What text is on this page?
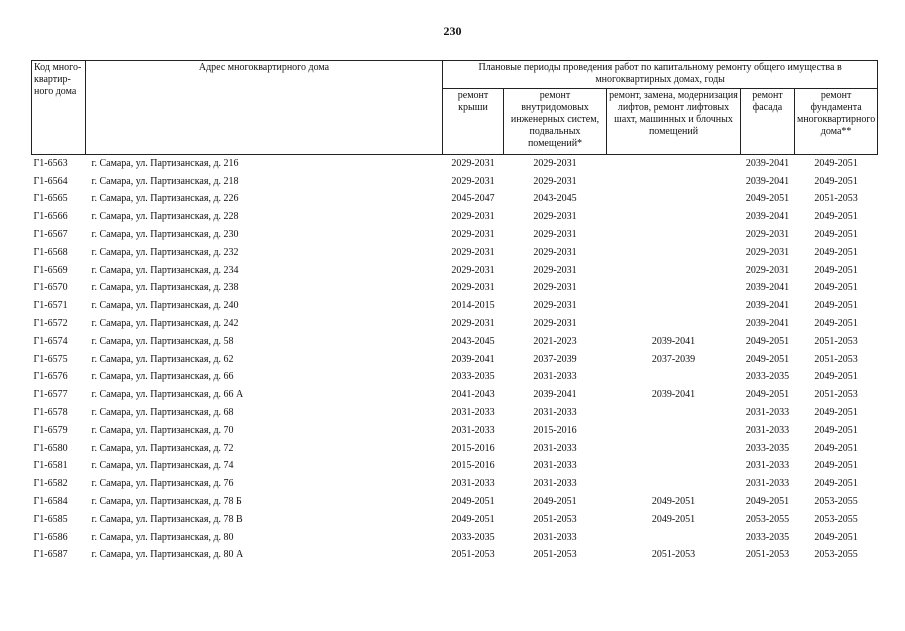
230
Код много-квартир-ного дома	Адрес многоквартирного дома	Плановые периоды проведения работ по капитальному ремонту общего имущества в многоквартирных домах, годы				
		ремонт крыши	ремонт внутридомовых инженерных систем, подвальных помещений*	ремонт, замена, модернизация лифтов, ремонт лифтовых шахт, машинных и блочных помещений	ремонт фасада	ремонт фундамента многоквартирного дома**
Г1-6563	г. Самара, ул. Партизанская, д. 216	2029-2031	2029-2031		2039-2041	2049-2051
Г1-6564	г. Самара, ул. Партизанская, д. 218	2029-2031	2029-2031		2039-2041	2049-2051
Г1-6565	г. Самара, ул. Партизанская, д. 226	2045-2047	2043-2045		2049-2051	2051-2053
Г1-6566	г. Самара, ул. Партизанская, д. 228	2029-2031	2029-2031		2039-2041	2049-2051
Г1-6567	г. Самара, ул. Партизанская, д. 230	2029-2031	2029-2031		2029-2031	2049-2051
Г1-6568	г. Самара, ул. Партизанская, д. 232	2029-2031	2029-2031		2029-2031	2049-2051
Г1-6569	г. Самара, ул. Партизанская, д. 234	2029-2031	2029-2031		2029-2031	2049-2051
Г1-6570	г. Самара, ул. Партизанская, д. 238	2029-2031	2029-2031		2039-2041	2049-2051
Г1-6571	г. Самара, ул. Партизанская, д. 240	2014-2015	2029-2031		2039-2041	2049-2051
Г1-6572	г. Самара, ул. Партизанская, д. 242	2029-2031	2029-2031		2039-2041	2049-2051
Г1-6574	г. Самара, ул. Партизанская, д. 58	2043-2045	2021-2023	2039-2041	2049-2051	2051-2053
Г1-6575	г. Самара, ул. Партизанская, д. 62	2039-2041	2037-2039	2037-2039	2049-2051	2051-2053
Г1-6576	г. Самара, ул. Партизанская, д. 66	2033-2035	2031-2033		2033-2035	2049-2051
Г1-6577	г. Самара, ул. Партизанская, д. 66 А	2041-2043	2039-2041	2039-2041	2049-2051	2051-2053
Г1-6578	г. Самара, ул. Партизанская, д. 68	2031-2033	2031-2033		2031-2033	2049-2051
Г1-6579	г. Самара, ул. Партизанская, д. 70	2031-2033	2015-2016		2031-2033	2049-2051
Г1-6580	г. Самара, ул. Партизанская, д. 72	2015-2016	2031-2033		2033-2035	2049-2051
Г1-6581	г. Самара, ул. Партизанская, д. 74	2015-2016	2031-2033		2031-2033	2049-2051
Г1-6582	г. Самара, ул. Партизанская, д. 76	2031-2033	2031-2033		2031-2033	2049-2051
Г1-6584	г. Самара, ул. Партизанская, д. 78 Б	2049-2051	2049-2051	2049-2051	2049-2051	2053-2055
Г1-6585	г. Самара, ул. Партизанская, д. 78 В	2049-2051	2051-2053	2049-2051	2053-2055	2053-2055
Г1-6586	г. Самара, ул. Партизанская, д. 80	2033-2035	2031-2033		2033-2035	2049-2051
Г1-6587	г. Самара, ул. Партизанская, д. 80 А	2051-2053	2051-2053	2051-2053	2051-2053	2053-2055
